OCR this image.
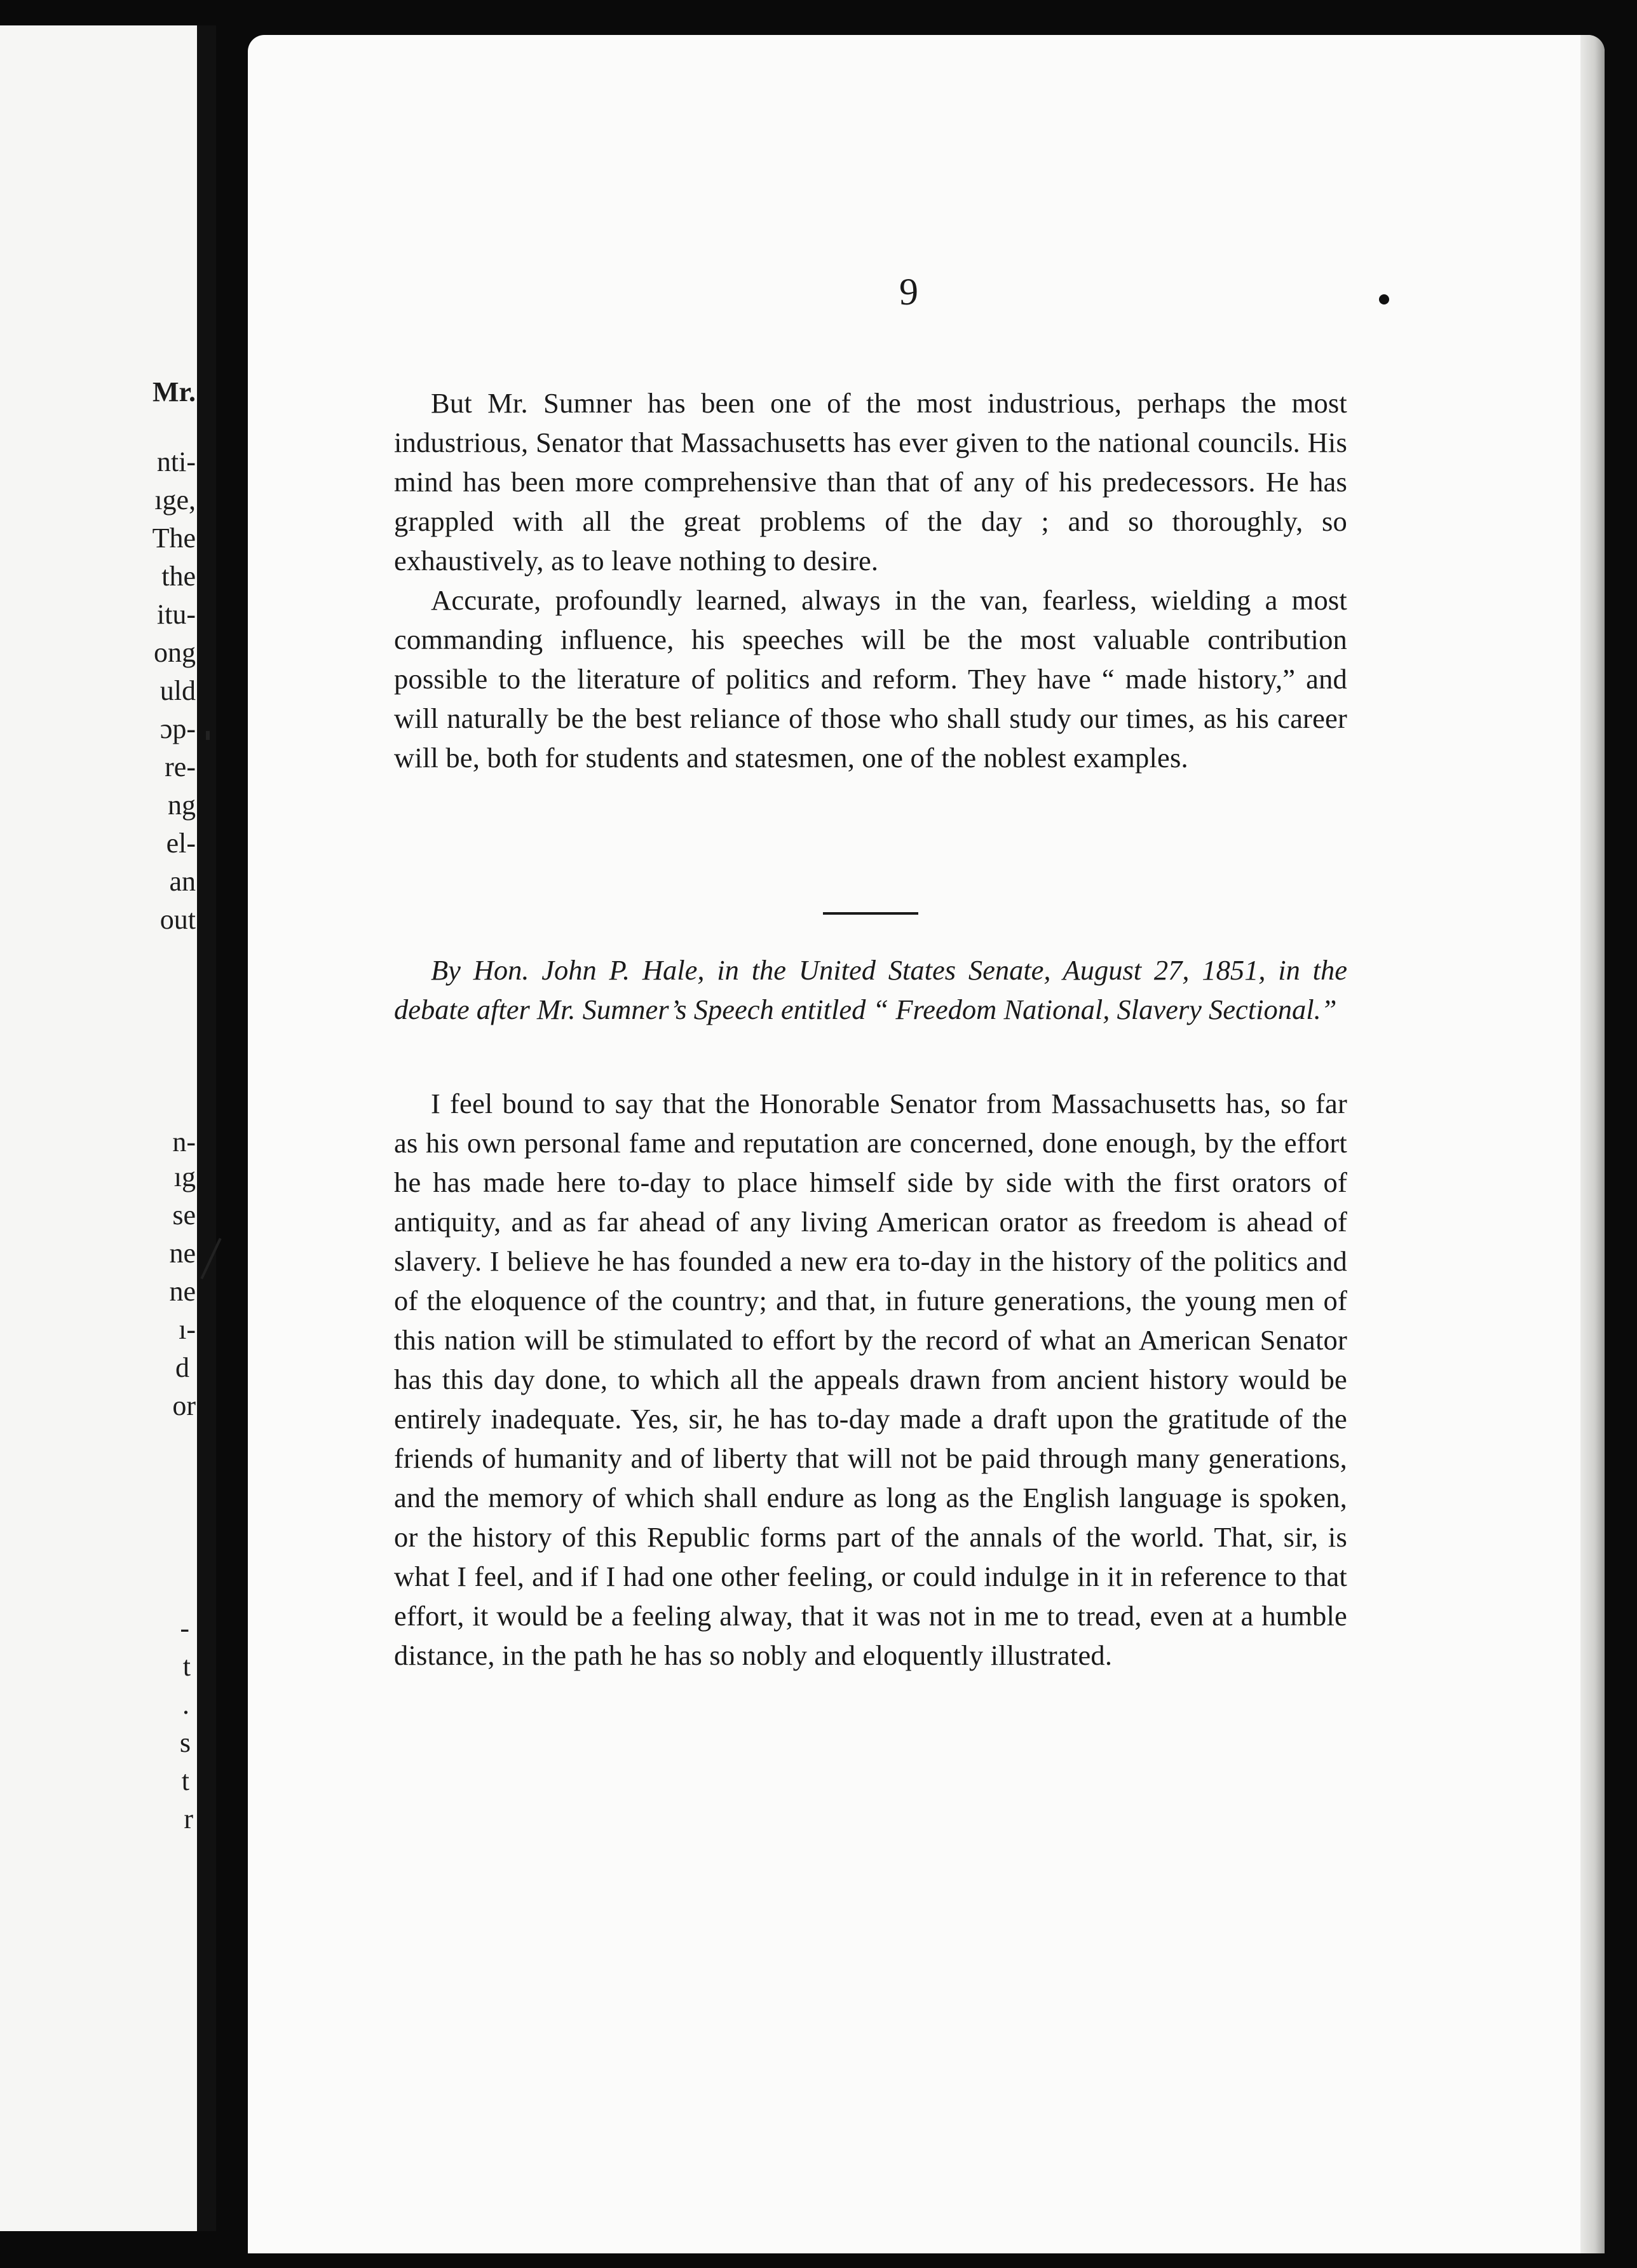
Mr.
nti-
ıge,
The
the
itu-
ong
uld
ɔp-
re-
ng
el-
an
out
n-
ıg
se
ne
ne
ı-
d
or
-
t
.
s
t
r
9

But Mr. Sumner has been one of the most industrious, perhaps the most industrious, Senator that Massachusetts has ever given to the national councils. His mind has been more comprehensive than that of any of his predecessors. He has grappled with all the great problems of the day ; and so thoroughly, so exhaustively, as to leave nothing to desire.

Accurate, profoundly learned, always in the van, fearless, wielding a most commanding influence, his speeches will be the most valuable contribution possible to the literature of politics and reform. They have “ made history,” and will naturally be the best reliance of those who shall study our times, as his career will be, both for students and statesmen, one of the noblest examples.

By Hon. John P. Hale, in the United States Senate, August 27, 1851, in the debate after Mr. Sumner’s Speech entitled “ Freedom National, Slavery Sectional.”

I feel bound to say that the Honorable Senator from Massachusetts has, so far as his own personal fame and reputation are concerned, done enough, by the effort he has made here to-day to place himself side by side with the first orators of antiquity, and as far ahead of any living American orator as freedom is ahead of slavery. I believe he has founded a new era to-day in the history of the politics and of the eloquence of the country; and that, in future generations, the young men of this nation will be stimulated to effort by the record of what an American Senator has this day done, to which all the appeals drawn from ancient history would be entirely inadequate. Yes, sir, he has to-day made a draft upon the gratitude of the friends of humanity and of liberty that will not be paid through many generations, and the memory of which shall endure as long as the English language is spoken, or the history of this Republic forms part of the annals of the world. That, sir, is what I feel, and if I had one other feeling, or could indulge in it in reference to that effort, it would be a feeling alway, that it was not in me to tread, even at a humble distance, in the path he has so nobly and eloquently illustrated.
